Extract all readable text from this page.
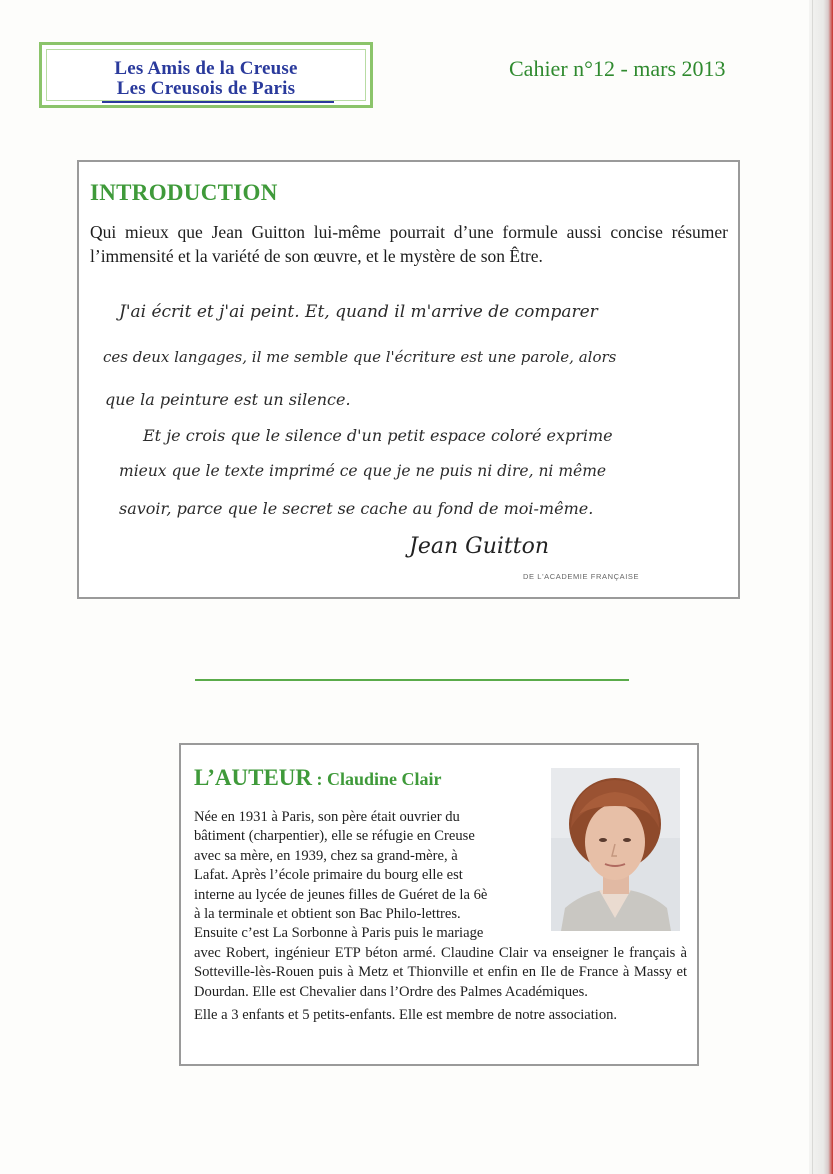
Les Amis de la Creuse
Les Creusois de Paris
Cahier n°12 - mars 2013
INTRODUCTION
Qui mieux que Jean Guitton lui-même pourrait d’une formule aussi concise résumer l’immensité et la variété de son œuvre, et le mystère de son Être.
J'ai écrit et j'ai peint. Et, quand il m'arrive de comparer
ces deux langages, il me semble que l'écriture est une parole, alors
que la peinture est un silence.
Et je crois que le silence d'un petit espace coloré exprime
mieux que le texte imprimé ce que je ne puis ni dire, ni même
savoir, parce que le secret se cache au fond de moi-même.
Jean Guitton
DE L'ACADEMIE FRANÇAISE
L’AUTEUR : Claudine Clair

Née en 1931 à Paris, son père était ouvrier du
bâtiment (charpentier), elle se réfugie en Creuse
avec sa mère, en 1939, chez sa grand-mère, à
Lafat. Après l’école primaire du bourg elle est
interne au lycée de jeunes filles de Guéret de la 6è
à la terminale et obtient son Bac Philo-lettres.
Ensuite c’est La Sorbonne à Paris puis le mariage

avec Robert, ingénieur ETP béton armé. Claudine Clair va enseigner le français à Sotteville-lès-Rouen puis à Metz et Thionville et enfin en Ile de France à Massy et Dourdan. Elle est Chevalier dans l’Ordre des Palmes Académiques.

Elle a 3 enfants et 5 petits-enfants. Elle est membre de notre association.
